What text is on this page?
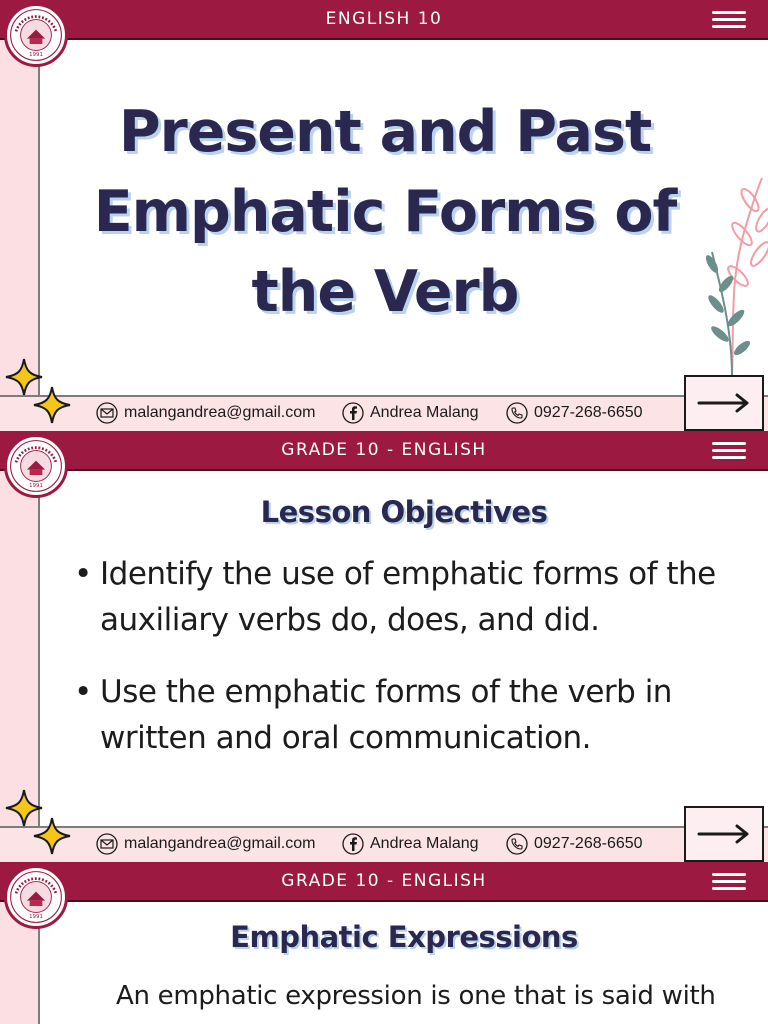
ENGLISH 10
1991
Present and Past
Emphatic Forms of
the Verb
malangandrea@gmail.com	Andrea Malang	0927-268-6650
GRADE 10 - ENGLISH
1991
Lesson Objectives
• Identify the use of emphatic forms of the auxiliary verbs do, does, and did.
• Use the emphatic forms of the verb in written and oral communication.
malangandrea@gmail.com	Andrea Malang	0927-268-6650
GRADE 10 - ENGLISH
1991
Emphatic Expressions
An emphatic expression is one that is said with
